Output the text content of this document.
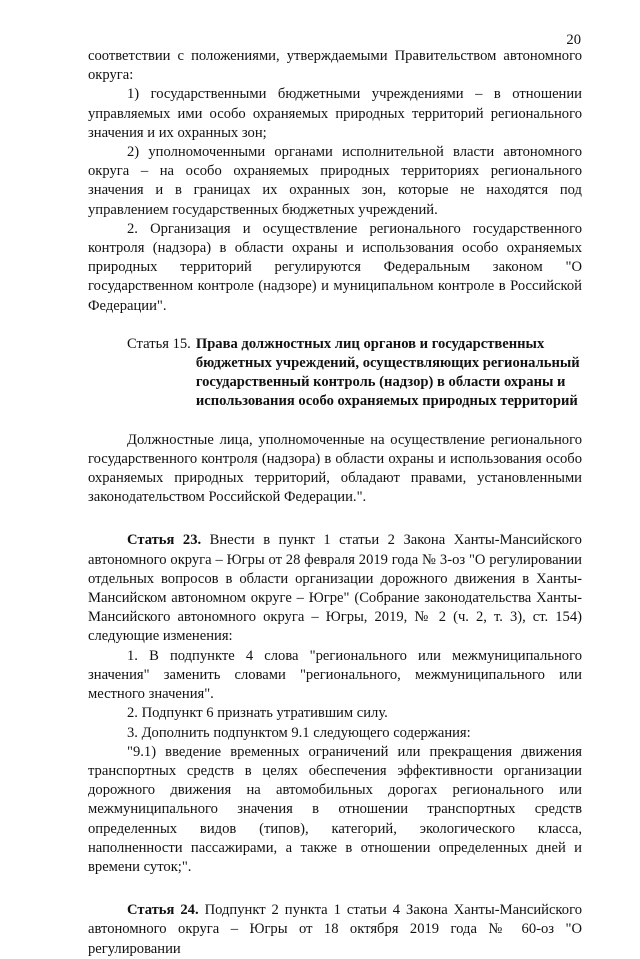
20

соответствии с положениями, утверждаемыми Правительством автономного округа:

1) государственными бюджетными учреждениями – в отношении управляемых ими особо охраняемых природных территорий регионального значения и их охранных зон;

2) уполномоченными органами исполнительной власти автономного округа – на особо охраняемых природных территориях регионального значения и в границах их охранных зон, которые не находятся под управлением государственных бюджетных учреждений.

2. Организация и осуществление регионального государственного контроля (надзора) в области охраны и использования особо охраняемых природных территорий регулируются Федеральным законом "О государственном контроле (надзоре) и муниципальном контроле в Российской Федерации".

Статья 15. Права должностных лиц органов и государственных бюджетных учреждений, осуществляющих региональный государственный контроль (надзор) в области охраны и использования особо охраняемых природных территорий

Должностные лица, уполномоченные на осуществление регионального государственного контроля (надзора) в области охраны и использования особо охраняемых природных территорий, обладают правами, установленными законодательством Российской Федерации.".

Статья 23. Внести в пункт 1 статьи 2 Закона Ханты-Мансийского автономного округа – Югры от 28 февраля 2019 года № 3-оз "О регулировании отдельных вопросов в области организации дорожного движения в Ханты-Мансийском автономном округе – Югре" (Собрание законодательства Ханты-Мансийского автономного округа – Югры, 2019, № 2 (ч. 2, т. 3), ст. 154) следующие изменения:

1. В подпункте 4 слова "регионального или межмуниципального значения" заменить словами "регионального, межмуниципального или местного значения".

2. Подпункт 6 признать утратившим силу.

3. Дополнить подпунктом 9.1 следующего содержания:

"9.1) введение временных ограничений или прекращения движения транспортных средств в целях обеспечения эффективности организации дорожного движения на автомобильных дорогах регионального или межмуниципального значения в отношении транспортных средств определенных видов (типов), категорий, экологического класса, наполненности пассажирами, а также в отношении определенных дней и времени суток;".

Статья 24. Подпункт 2 пункта 1 статьи 4 Закона Ханты-Мансийского автономного округа – Югры от 18 октября 2019 года № 60-оз "О регулировании
